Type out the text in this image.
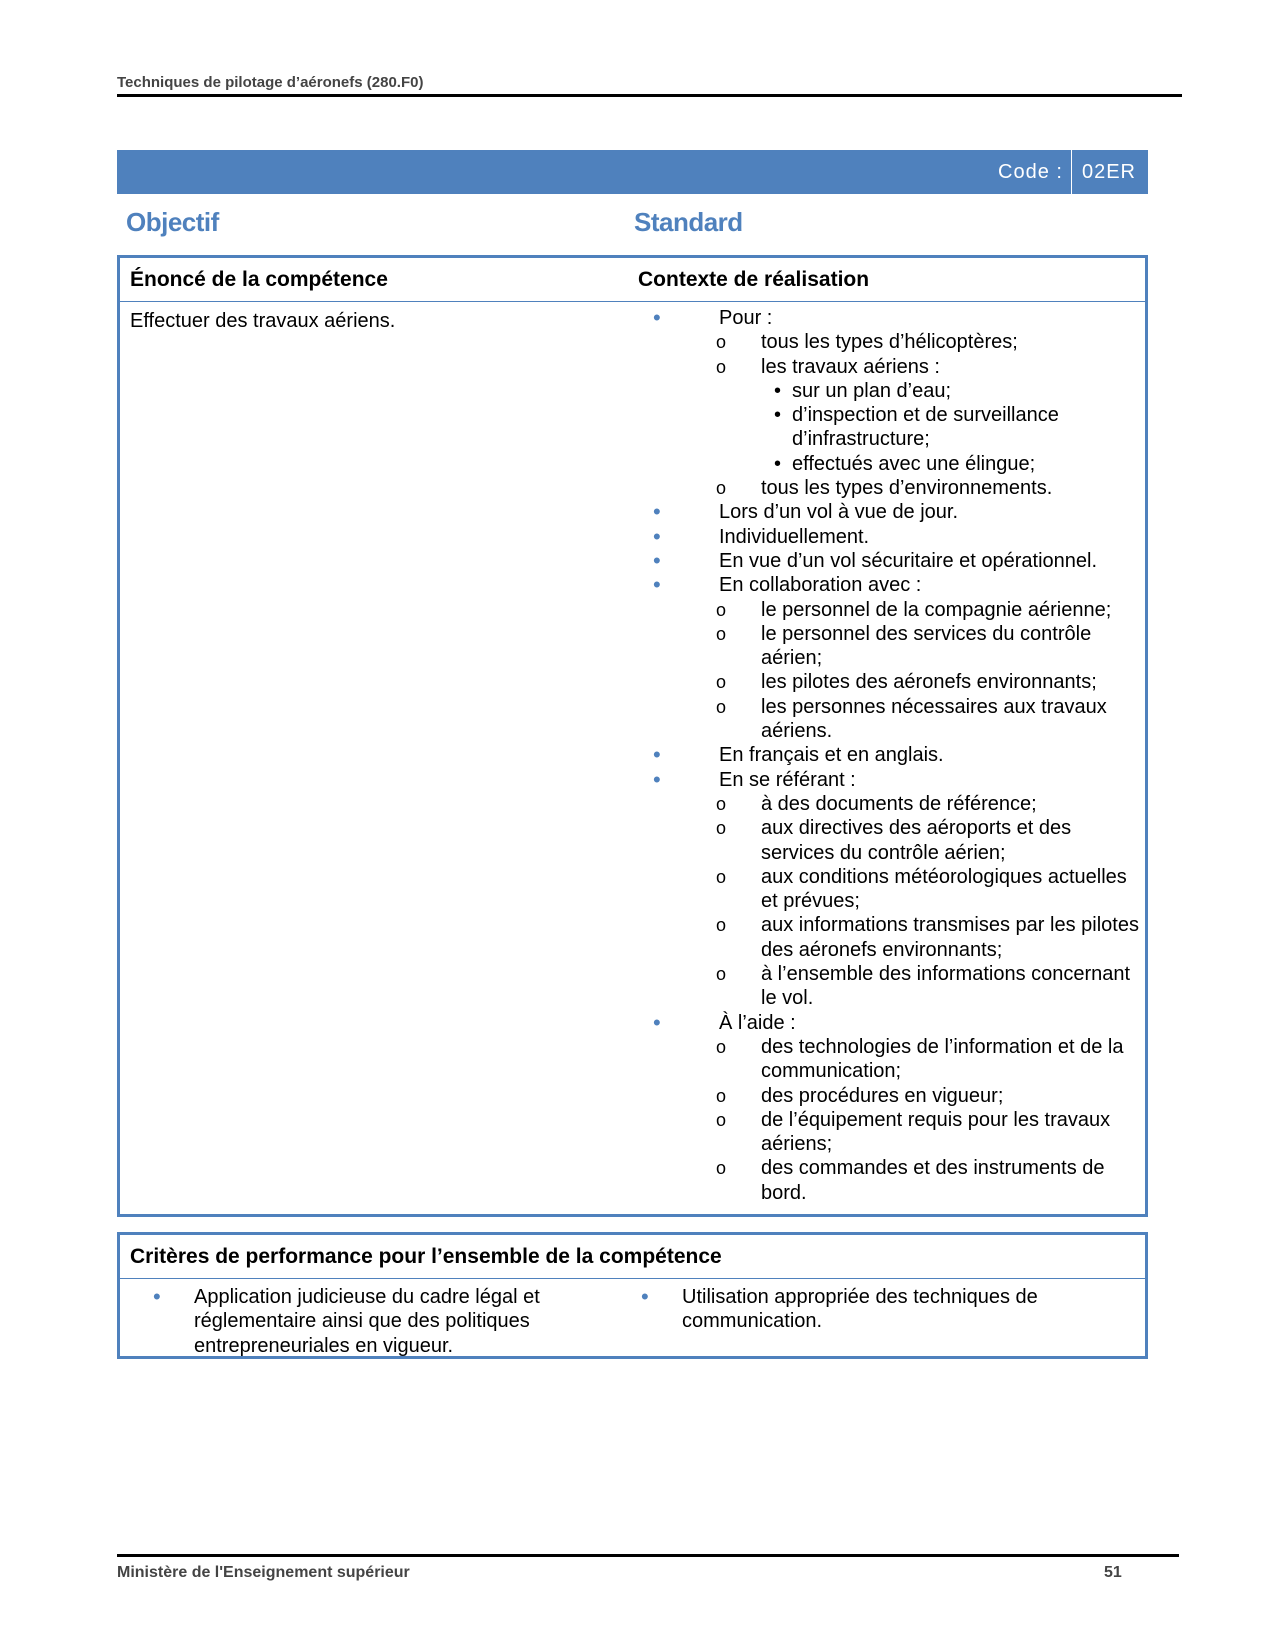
Techniques de pilotage d’aéronefs (280.F0)
Code : 02ER
Objectif	Standard
Énoncé de la compétence	Contexte de réalisation
Effectuer des travaux aériens.	•	Pour :
o tous les types d’hélicoptères;
o les travaux aériens :
• sur un plan d’eau;
• d’inspection et de surveillance d’infrastructure;
• effectués avec une élingue;
o tous les types d’environnements.
•	Lors d’un vol à vue de jour.
•	Individuellement.
•	En vue d’un vol sécuritaire et opérationnel.
•	En collaboration avec :
o le personnel de la compagnie aérienne;
o le personnel des services du contrôle aérien;
o les pilotes des aéronefs environnants;
o les personnes nécessaires aux travaux aériens.
•	En français et en anglais.
•	En se référant :
o à des documents de référence;
o aux directives des aéroports et des services du contrôle aérien;
o aux conditions météorologiques actuelles et prévues;
o aux informations transmises par les pilotes des aéronefs environnants;
o à l’ensemble des informations concernant le vol.
•	À l’aide :
o des technologies de l’information et de la communication;
o des procédures en vigueur;
o de l’équipement requis pour les travaux aériens;
o des commandes et des instruments de bord.
Critères de performance pour l’ensemble de la compétence
• Application judicieuse du cadre légal et réglementaire ainsi que des politiques entrepreneuriales en vigueur.
• Utilisation appropriée des techniques de communication.
Ministère de l'Enseignement supérieur	51
